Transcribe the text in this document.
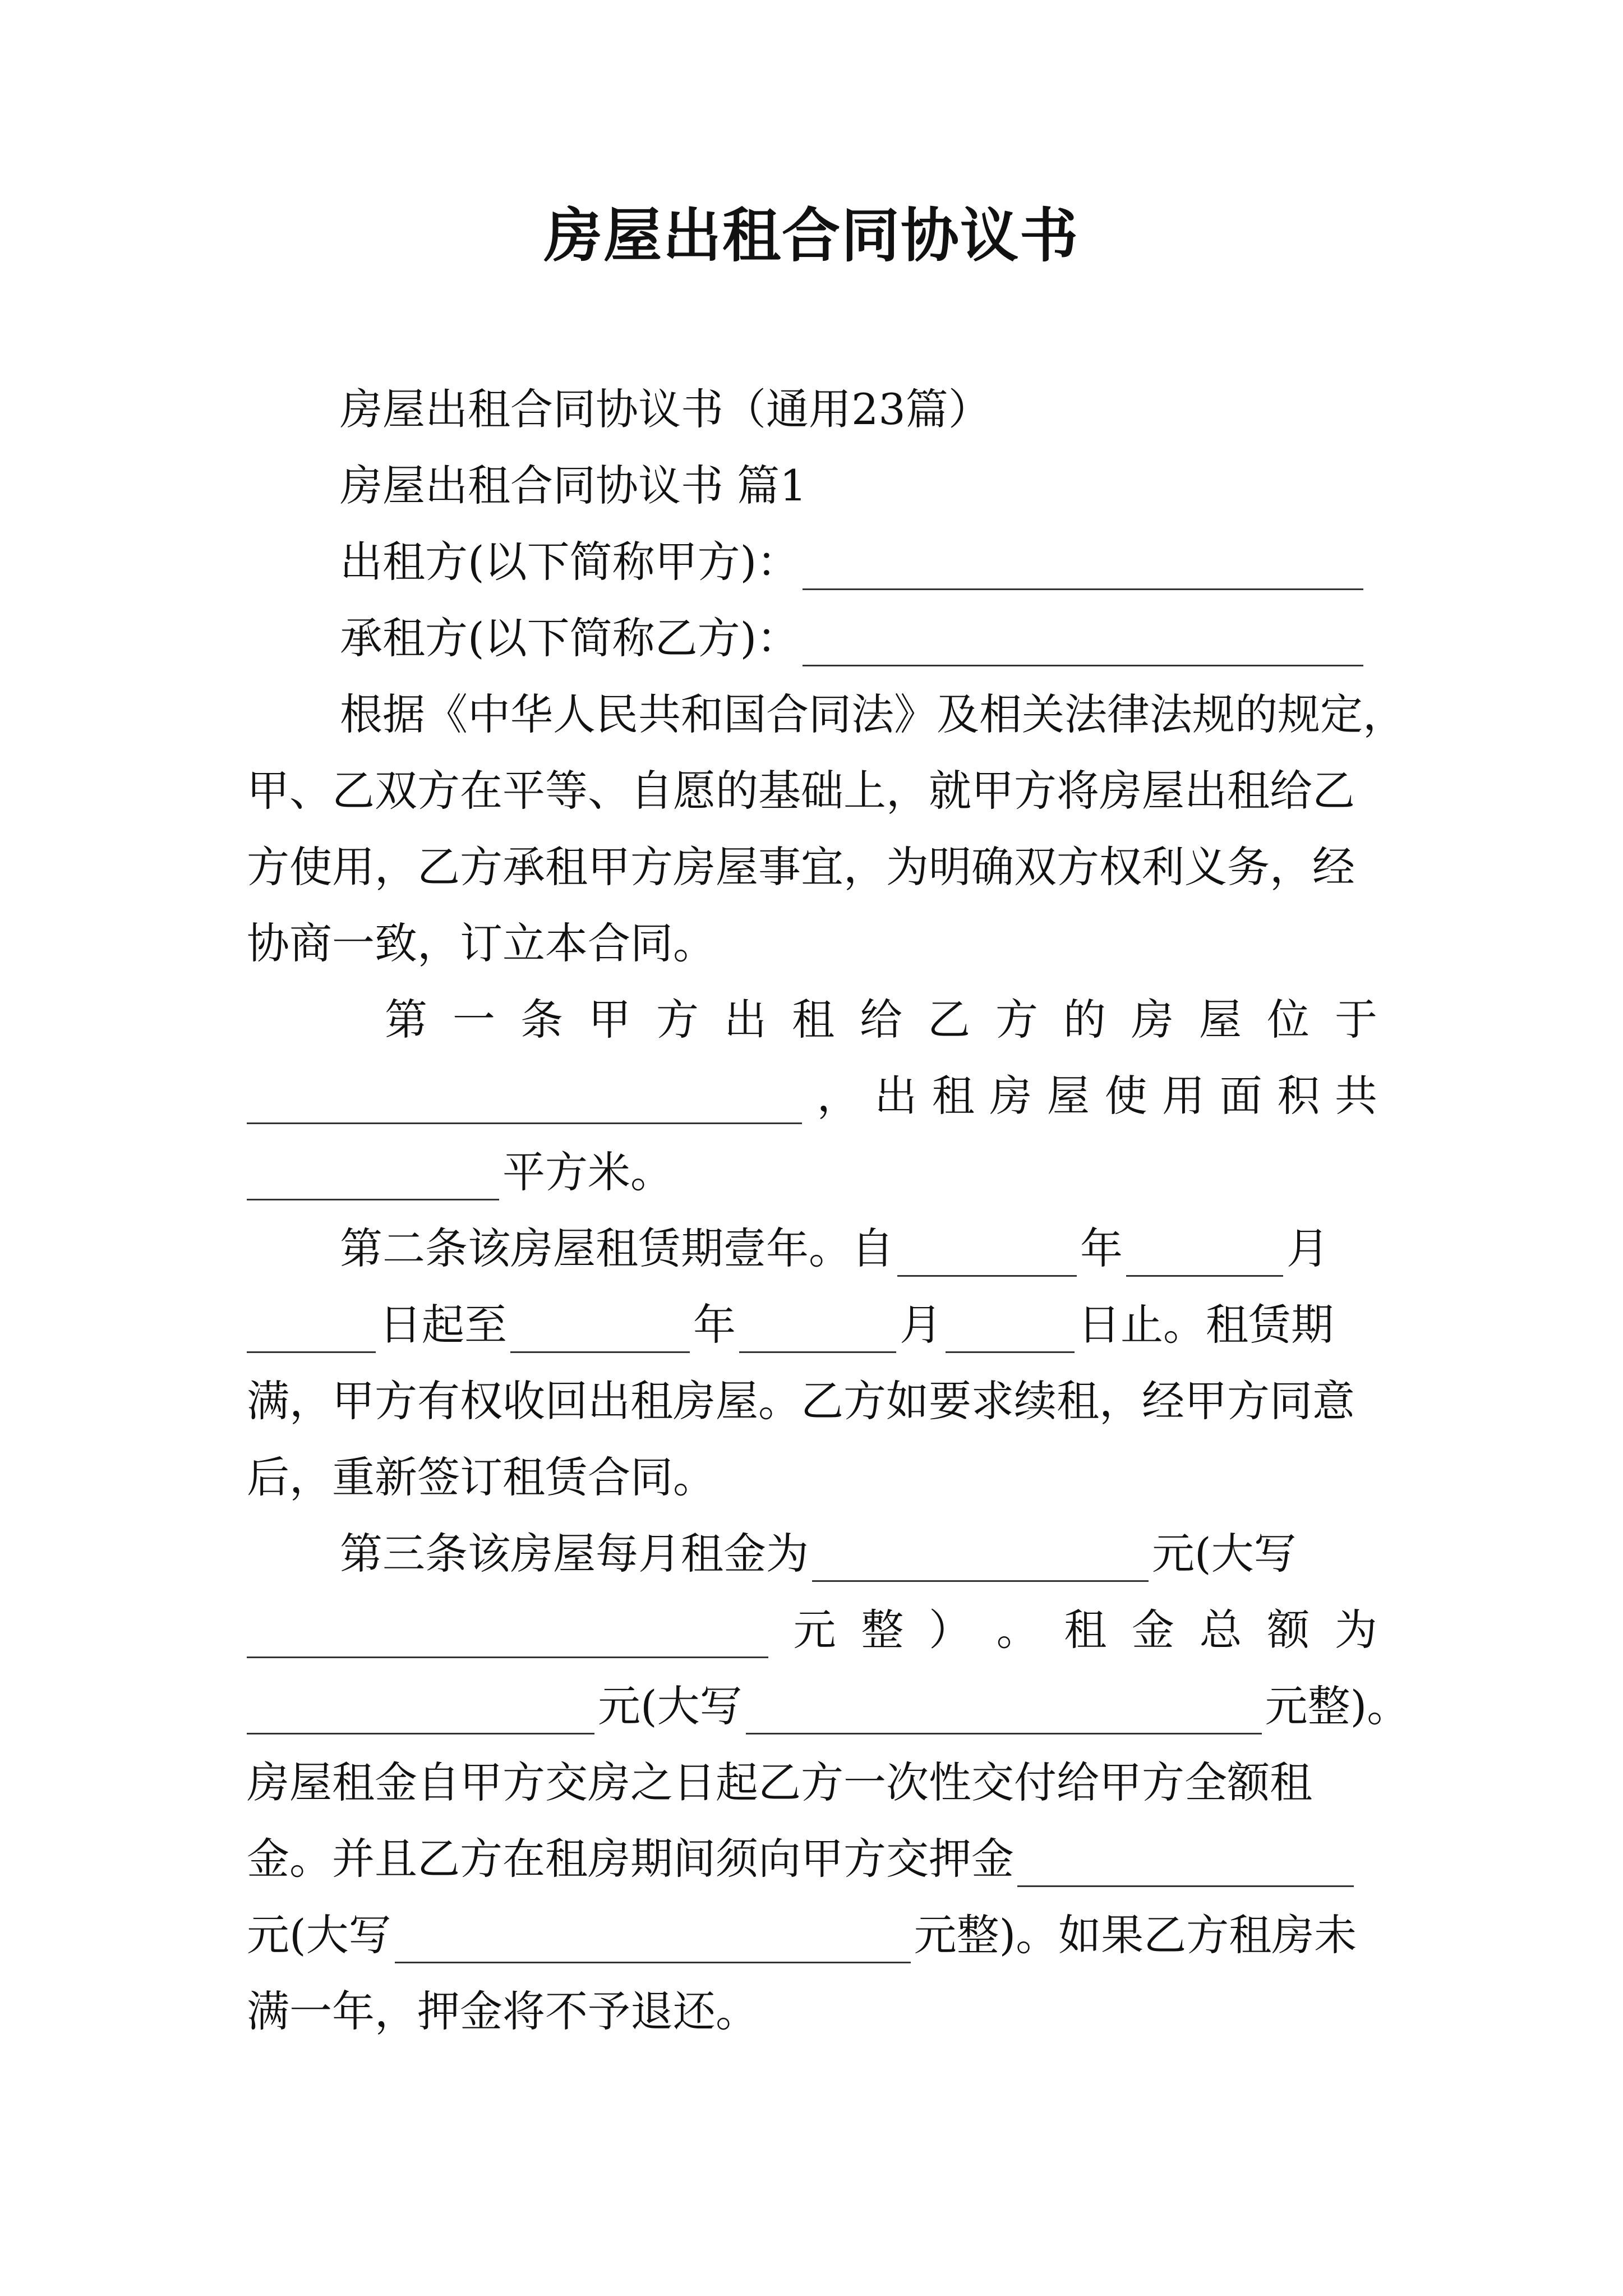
房屋出租合同协议书
房屋出租合同协议书（通用23篇）
房屋出租合同协议书 篇1
出租方(以下简称甲方)：
承租方(以下简称乙方)：
根据《中华人民共和国合同法》及相关法律法规的规定，
甲、乙双方在平等、自愿的基础上，就甲方将房屋出租给乙
方使用，乙方承租甲方房屋事宜，为明确双方权利义务，经
协商一致，订立本合同。
第 一 条 甲 方 出 租 给 乙 方 的 房 屋 位 于
， 出 租 房 屋 使 用 面 积 共
平方米。
第二条该房屋租赁期壹年。自	年	月
日起至	年	月	日止。租赁期
满，甲方有权收回出租房屋。乙方如要求续租，经甲方同意
后，重新签订租赁合同。
第三条该房屋每月租金为	元(大写
元 整 ） 。 租 金 总 额 为
元(大写	元整)。
房屋租金自甲方交房之日起乙方一次性交付给甲方全额租
金。并且乙方在租房期间须向甲方交押金
元(大写	元整)。如果乙方租房未
满一年，押金将不予退还。
